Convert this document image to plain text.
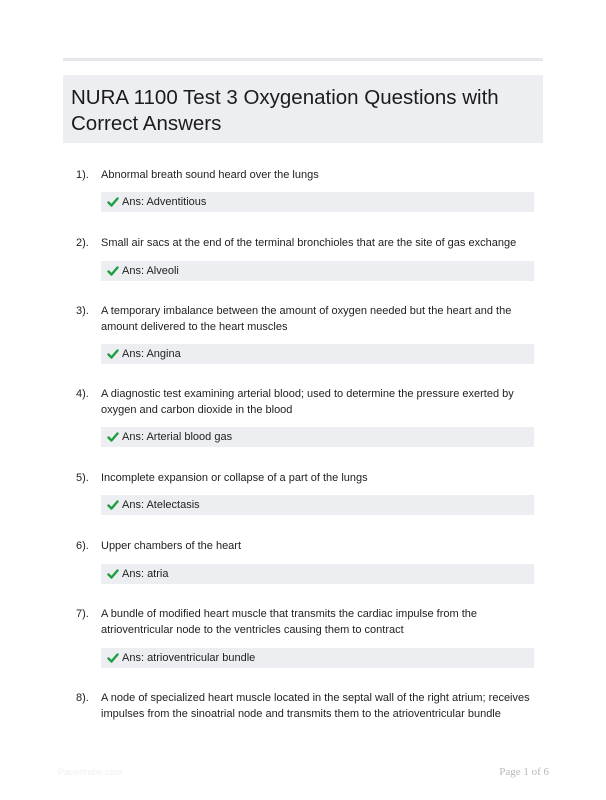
NURA 1100 Test 3 Oxygenation Questions with Correct Answers
1). Abnormal breath sound heard over the lungs
Ans: Adventitious
2). Small air sacs at the end of the terminal bronchioles that are the site of gas exchange
Ans: Alveoli
3). A temporary imbalance between the amount of oxygen needed but the heart and the amount delivered to the heart muscles
Ans: Angina
4). A diagnostic test examining arterial blood; used to determine the pressure exerted by oxygen and carbon dioxide in the blood
Ans: Arterial blood gas
5). Incomplete expansion or collapse of a part of the lungs
Ans: Atelectasis
6). Upper chambers of the heart
Ans: atria
7). A bundle of modified heart muscle that transmits the cardiac impulse from the atrioventricular node to the ventricles causing them to contract
Ans: atrioventricular bundle
8). A node of specialized heart muscle located in the septal wall of the right atrium; receives impulses from the sinoatrial node and transmits them to the atrioventricular bundle
Papertrebe.com	Page 1 of 6
